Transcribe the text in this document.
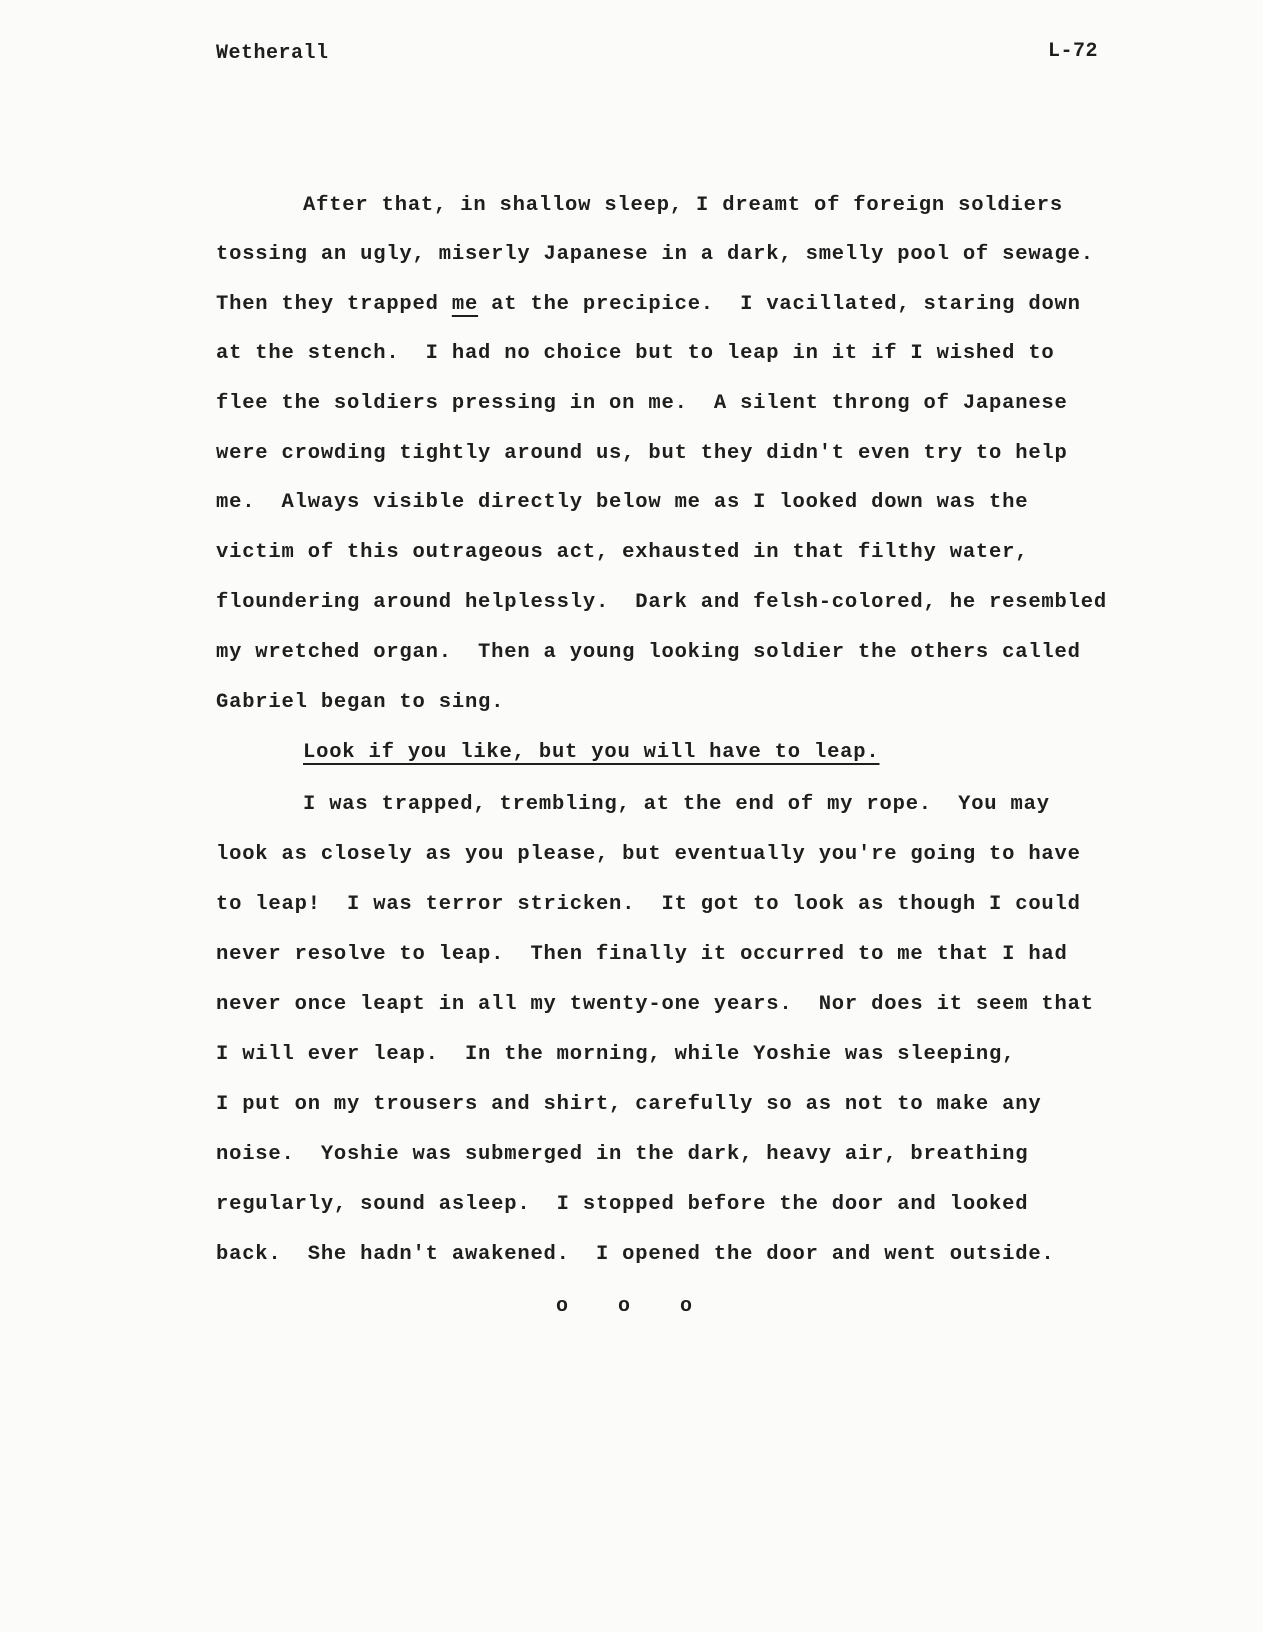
Wetherall	L-72
After that, in shallow sleep, I dreamt of foreign soldiers
tossing an ugly, miserly Japanese in a dark, smelly pool of sewage.
Then they trapped me at the precipice.  I vacillated, staring down
at the stench.  I had no choice but to leap in it if I wished to
flee the soldiers pressing in on me.  A silent throng of Japanese
were crowding tightly around us, but they didn't even try to help
me.  Always visible directly below me as I looked down was the
victim of this outrageous act, exhausted in that filthy water,
floundering around helplessly.  Dark and felsh-colored, he resembled
my wretched organ.  Then a young looking soldier the others called
Gabriel began to sing.
Look if you like, but you will have to leap.
I was trapped, trembling, at the end of my rope.  You may
look as closely as you please, but eventually you're going to have
to leap!  I was terror stricken.  It got to look as though I could
never resolve to leap.  Then finally it occurred to me that I had
never once leapt in all my twenty-one years.  Nor does it seem that
I will ever leap.  In the morning, while Yoshie was sleeping,
I put on my trousers and shirt, carefully so as not to make any
noise.  Yoshie was submerged in the dark, heavy air, breathing
regularly, sound asleep.  I stopped before the door and looked
back.  She hadn't awakened.  I opened the door and went outside.
o o o
